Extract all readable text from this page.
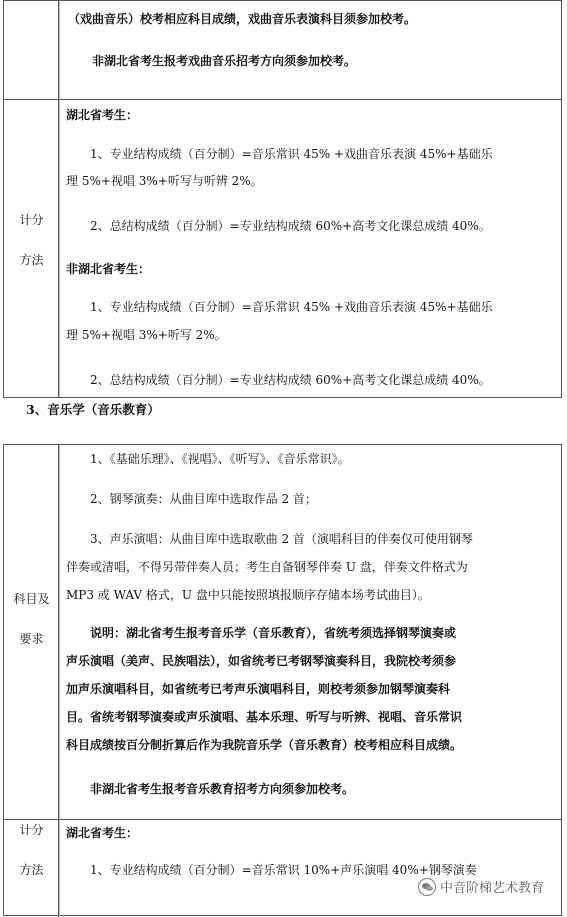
（戏曲音乐）校考相应科目成绩，戏曲音乐表演科目须参加校考。
非湖北省考生报考戏曲音乐招考方向须参加校考。
计分
方法
湖北省考生：
1、专业结构成绩（百分制）=音乐常识 45% +戏曲音乐表演 45%+基础乐
理 5%+视唱 3%+听写与听辨 2%。
2、总结构成绩（百分制）=专业结构成绩 60%+高考文化课总成绩 40%。
非湖北省考生：
1、专业结构成绩（百分制）=音乐常识 45% +戏曲音乐表演 45%+基础乐
理 5%+视唱 3%+听写 2%。
2、总结构成绩（百分制）=专业结构成绩 60%+高考文化课总成绩 40%。
3、音乐学（音乐教育）
科目及
要求
1、《基础乐理》、《视唱》、《听写》、《音乐常识》。
2、钢琴演奏：从曲目库中选取作品 2 首；
3、声乐演唱：从曲目库中选取歌曲 2 首（演唱科目的伴奏仅可使用钢琴
伴奏或清唱，不得另带伴奏人员；考生自备钢琴伴奏 U 盘，伴奏文件格式为
MP3 或 WAV 格式，U 盘中只能按照填报顺序存储本场考试曲目）。
说明：湖北省考生报考音乐学（音乐教育），省统考须选择钢琴演奏或
声乐演唱（美声、民族唱法），如省统考已考钢琴演奏科目，我院校考须参
加声乐演唱科目，如省统考已考声乐演唱科目，则校考须参加钢琴演奏科
目。省统考钢琴演奏或声乐演唱、基本乐理、听写与听辨、视唱、音乐常识
科目成绩按百分制折算后作为我院音乐学（音乐教育）校考相应科目成绩。
非湖北省考生报考音乐教育招考方向须参加校考。
计分
方法
湖北省考生：
1、专业结构成绩（百分制）=音乐常识 10%+声乐演唱 40%+钢琴演奏
中音阶梯艺术教育
